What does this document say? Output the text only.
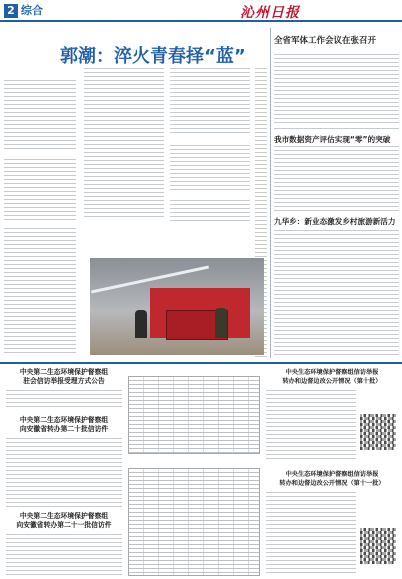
2 综合	沁州日报
郭潮：淬火青春择“蓝”
全省军体工作会议在张召开
我市数据资产评估实现“零”的突破
九华乡：新业态激发乡村旅游新活力
中央第二生态环境保护督察组
驻会信访举报受理方式公告
中央第二生态环境保护督察组
向安徽省转办第二十批信访件
中央第二生态环境保护督察组
向安徽省转办第二十一批信访件
中央生态环境保护督察组信访举报
转办和边督边改公开情况（第十批）
中央生态环境保护督察组信访举报
转办和边督边改公开情况（第十一批）
